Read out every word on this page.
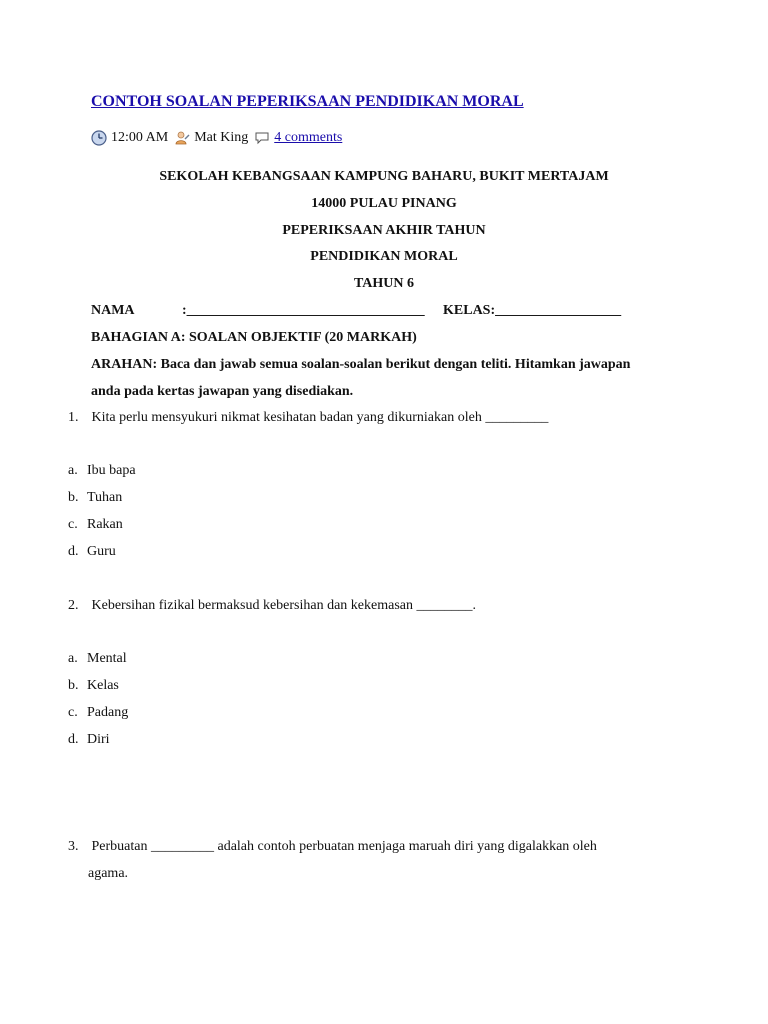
CONTOH SOALAN PEPERIKSAAN PENDIDIKAN MORAL
12:00 AM Mat King 4 comments
SEKOLAH KEBANGSAAN KAMPUNG BAHARU, BUKIT MERTAJAM
14000 PULAU PINANG
PEPERIKSAAN AKHIR TAHUN
PENDIDIKAN MORAL
TAHUN 6
NAMA	:__________________________________ KELAS:__________________
BAHAGIAN A: SOALAN OBJEKTIF (20 MARKAH)
ARAHAN: Baca dan jawab semua soalan-soalan berikut dengan teliti. Hitamkan jawapan
anda pada kertas jawapan yang disediakan.
1. Kita perlu mensyukuri nikmat kesihatan badan yang dikurniakan oleh _________
a. Ibu bapa
b. Tuhan
c. Rakan
d. Guru
2. Kebersihan fizikal bermaksud kebersihan dan kekemasan ________.
a. Mental
b. Kelas
c. Padang
d. Diri
3. Perbuatan _________ adalah contoh perbuatan menjaga maruah diri yang digalakkan oleh
agama.
